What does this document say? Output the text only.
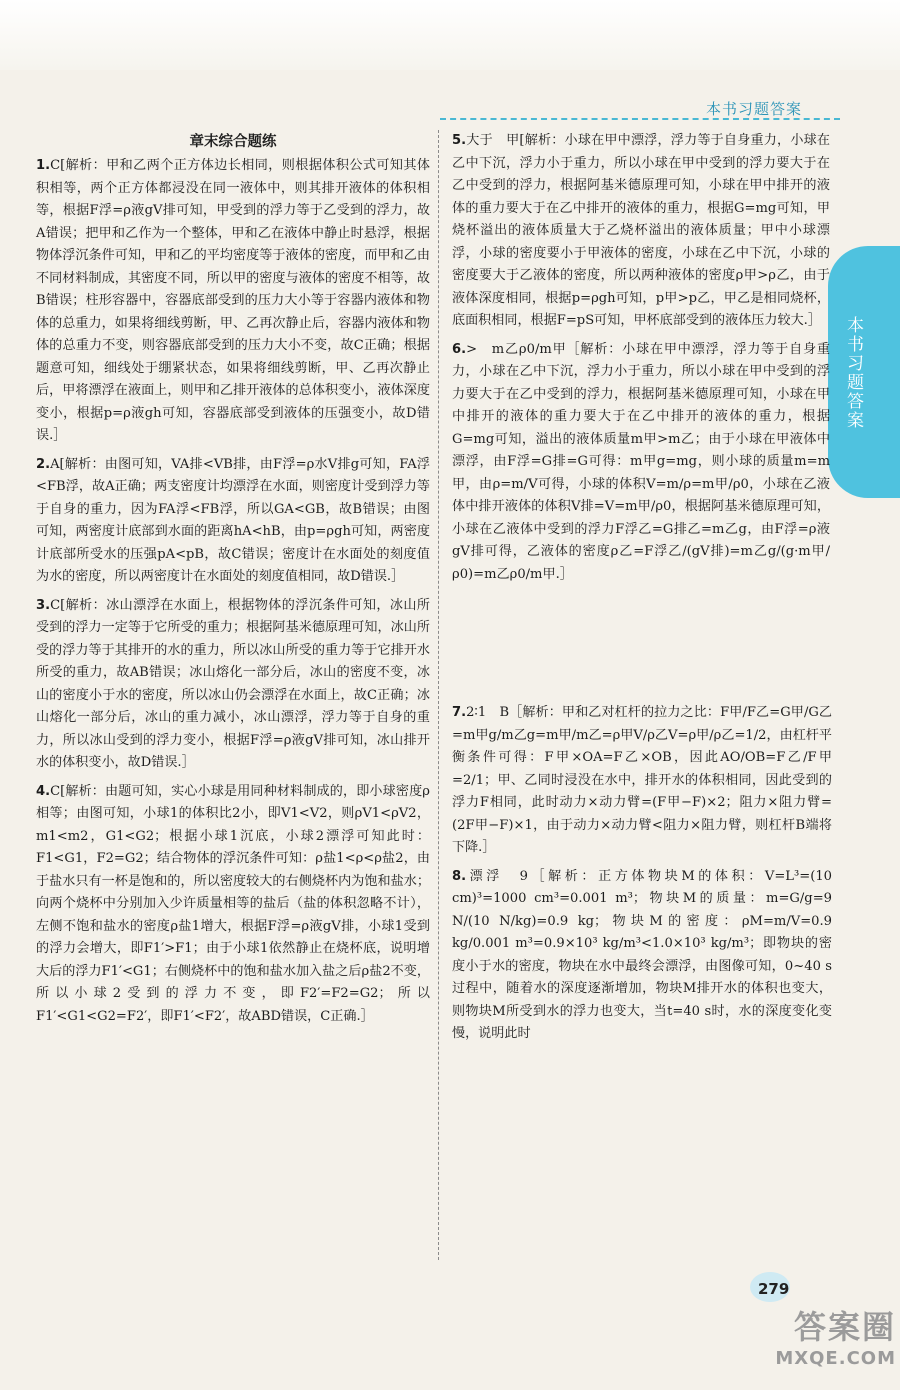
本书习题答案
本书习题答案
章末综合题练

1.C[解析：甲和乙两个正方体边长相同，则根据体积公式可知其体积相等，两个正方体都浸没在同一液体中，则其排开液体的体积相等，根据F浮=ρ液gV排可知，甲受到的浮力等于乙受到的浮力，故A错误；把甲和乙作为一个整体，甲和乙在液体中静止时悬浮，根据物体浮沉条件可知，甲和乙的平均密度等于液体的密度，而甲和乙由不同材料制成，其密度不同，所以甲的密度与液体的密度不相等，故B错误；柱形容器中，容器底部受到的压力大小等于容器内液体和物体的总重力，如果将细线剪断，甲、乙再次静止后，容器内液体和物体的总重力不变，则容器底部受到的压力大小不变，故C正确；根据题意可知，细线处于绷紧状态，如果将细线剪断，甲、乙再次静止后，甲将漂浮在液面上，则甲和乙排开液体的总体积变小，液体深度变小，根据p=ρ液gh可知，容器底部受到液体的压强变小，故D错误.］

2.A[解析：由图可知，VA排<VB排，由F浮=ρ水V排g可知，FA浮<FB浮，故A正确；两支密度计均漂浮在水面，则密度计受到浮力等于自身的重力，因为FA浮<FB浮，所以GA<GB，故B错误；由图可知，两密度计底部到水面的距离hA<hB，由p=ρgh可知，两密度计底部所受水的压强pA<pB，故C错误；密度计在水面处的刻度值为水的密度，所以两密度计在水面处的刻度值相同，故D错误.］

3.C[解析：冰山漂浮在水面上，根据物体的浮沉条件可知，冰山所受到的浮力一定等于它所受的重力；根据阿基米德原理可知，冰山所受的浮力等于其排开的水的重力，所以冰山所受的重力等于它排开水所受的重力，故AB错误；冰山熔化一部分后，冰山的密度不变，冰山的密度小于水的密度，所以冰山仍会漂浮在水面上，故C正确；冰山熔化一部分后，冰山的重力减小，冰山漂浮，浮力等于自身的重力，所以冰山受到的浮力变小，根据F浮=ρ液gV排可知，冰山排开水的体积变小，故D错误.］

4.C[解析：由题可知，实心小球是用同种材料制成的，即小球密度ρ相等；由图可知，小球1的体积比2小，即V1<V2，则ρV1<ρV2，m1<m2，G1<G2；根据小球1沉底，小球2漂浮可知此时：F1<G1，F2=G2；结合物体的浮沉条件可知：ρ盐1<ρ<ρ盐2，由于盐水只有一杯是饱和的，所以密度较大的右侧烧杯内为饱和盐水；向两个烧杯中分别加入少许质量相等的盐后（盐的体积忽略不计），左侧不饱和盐水的密度ρ盐1增大，根据F浮=ρ液gV排，小球1受到的浮力会增大，即F1′>F1；由于小球1依然静止在烧杯底，说明增大后的浮力F1′<G1；右侧烧杯中的饱和盐水加入盐之后ρ盐2不变，所以小球2受到的浮力不变，即F2′=F2=G2；所以F1′<G1<G2=F2′，即F1′<F2′，故ABD错误，C正确.］

5.大于　甲[解析：小球在甲中漂浮，浮力等于自身重力，小球在乙中下沉，浮力小于重力，所以小球在甲中受到的浮力要大于在乙中受到的浮力，根据阿基米德原理可知，小球在甲中排开的液体的重力要大于在乙中排开的液体的重力，根据G=mg可知，甲烧杯溢出的液体质量大于乙烧杯溢出的液体质量；甲中小球漂浮，小球的密度要小于甲液体的密度，小球在乙中下沉，小球的密度要大于乙液体的密度，所以两种液体的密度ρ甲>ρ乙，由于液体深度相同，根据p=ρgh可知，p甲>p乙，甲乙是相同烧杯，底面积相同，根据F=pS可知，甲杯底部受到的液体压力较大.］

6.>　m乙ρ0/m甲［解析：小球在甲中漂浮，浮力等于自身重力，小球在乙中下沉，浮力小于重力，所以小球在甲中受到的浮力要大于在乙中受到的浮力，根据阿基米德原理可知，小球在甲中排开的液体的重力要大于在乙中排开的液体的重力，根据G=mg可知，溢出的液体质量m甲>m乙；由于小球在甲液体中漂浮，由F浮=G排=G可得：m甲g=mg，则小球的质量m=m甲，由ρ=m/V可得，小球的体积V=m/ρ=m甲/ρ0，小球在乙液体中排开液体的体积V排=V=m甲/ρ0，根据阿基米德原理可知，小球在乙液体中受到的浮力F浮乙=G排乙=m乙g，由F浮=ρ液gV排可得，乙液体的密度ρ乙=F浮乙/(gV排)=m乙g/(g·m甲/ρ0)=m乙ρ0/m甲.］

7.2∶1　B［解析：甲和乙对杠杆的拉力之比：F甲/F乙=G甲/G乙=m甲g/m乙g=m甲/m乙=ρ甲V/ρ乙V=ρ甲/ρ乙=1/2，由杠杆平衡条件可得：F甲×OA=F乙×OB，因此AO/OB=F乙/F甲=2/1；甲、乙同时浸没在水中，排开水的体积相同，因此受到的浮力F相同，此时动力×动力臂=(F甲−F)×2；阻力×阻力臂=(2F甲−F)×1，由于动力×动力臂<阻力×阻力臂，则杠杆B端将下降.］

8.漂浮　9［解析：正方体物块M的体积：V=L³=(10 cm)³=1000 cm³=0.001 m³；物块M的质量：m=G/g=9 N/(10 N/kg)=0.9 kg；物块M的密度：ρM=m/V=0.9 kg/0.001 m³=0.9×10³ kg/m³<1.0×10³ kg/m³；即物块的密度小于水的密度，物块在水中最终会漂浮，由图像可知，0~40 s过程中，随着水的深度逐渐增加，物块M排开水的体积也变大，则物块M所受到水的浮力也变大，当t=40 s时，水的深度变化变慢，说明此时

279
答案圈
MXQE.COM
